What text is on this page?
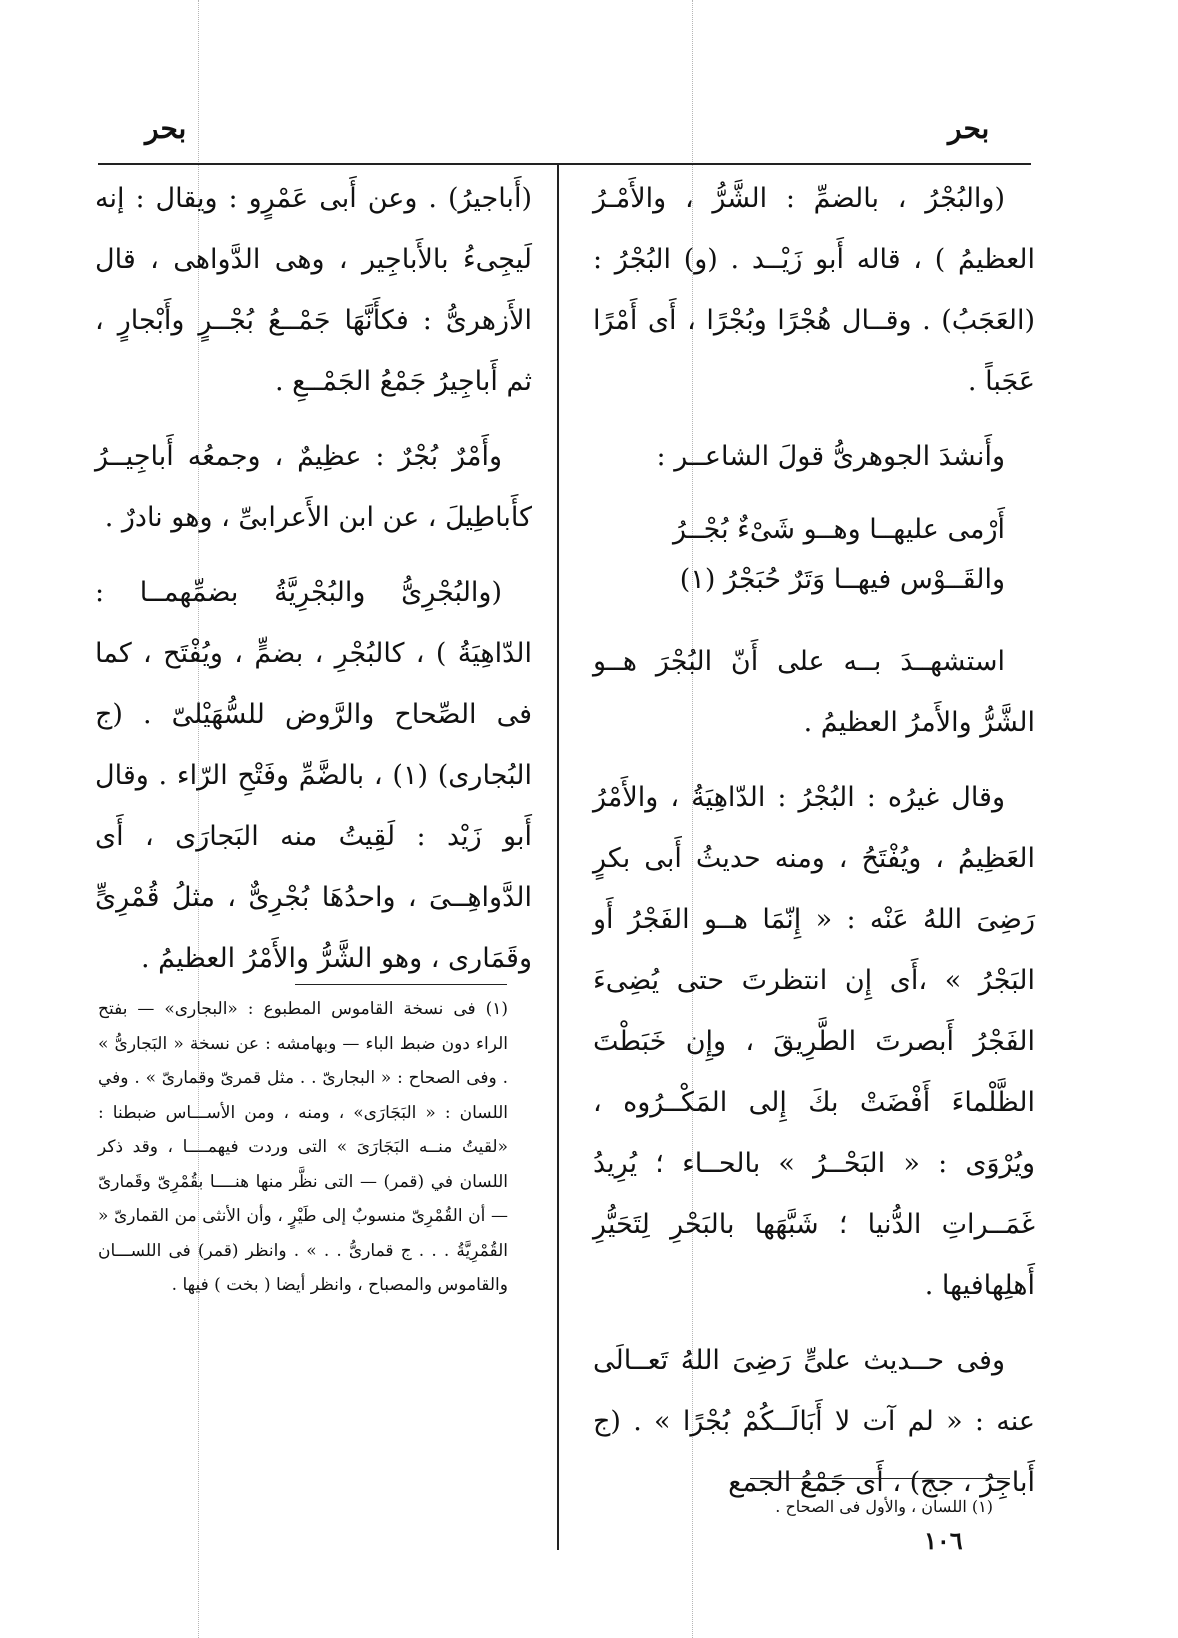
بحر	بحر

(والبُجْرُ ، بالضمِّ : الشَّرُّ ، والأَمْـرُ العظيمُ ) ، قاله أَبو زَيْــد . (و) البُجْرُ : (العَجَبُ) . وقــال هُجْرًا وبُجْرًا ، أَى أَمْرًا عَجَباً .

وأَنشدَ الجوهرىُّ قولَ الشاعــر :

أَرْمى عليهــا وهــو شَىْءٌ بُجْــرُ
والقَــوْس فيهــا وَتَرٌ حُبَجْرُ (١)

استشهــدَ بــه على أَنّ البُجْرَ هــو الشَّرُّ والأَمرُ العظيمُ .

وقال غيرُه : البُجْرُ : الدّاهِيَةُ ، والأَمْرُ العَظِيمُ ، ويُفْتَحُ ، ومنه حديثُ أَبى بكرٍ رَضِىَ اللهُ عَنْه : « إِنّمَا هــو الفَجْرُ أَو البَجْرُ » ،أَى إِن انتظرتَ حتى يُضِىءَ الفَجْرُ أَبصرتَ الطَّرِيقَ ، وإِن خَبَطْتَ الظَّلْماءَ أَفْضَتْ بكَ إِلى المَكْــرُوه ، ويُرْوَى : « البَحْــرُ » بالحــاء ؛ يُرِيدُ غَمَــراتِ الدُّنيا ؛ شَبَّهَها بالبَحْرِ لِتَحَيُّرِ أَهلِهافيها .

وفى حــديث علىٍّ رَضِىَ اللهُ تَعــالَى عنه : « لم آت لا أَبَالَــكُمْ بُجْرًا » . (ج أَباجِرُ ، جج) ، أَى جَمْعُ الجمع

(أَباجيرُ) . وعن أَبى عَمْرٍو : ويقال : إنه لَيجِىءُ بالأَباجِير ، وهى الدَّواهى ، قال الأَزهرىُّ : فكأَنَّهَا جَمْــعُ بُجْــرٍ وأَبْجارٍ ، ثم أَباجِيرُ جَمْعُ الجَمْــعِ .

وأَمْرٌ بُجْرٌ : عظِيمٌ ، وجمعُه أَباجِيــرُ كأَباطِيلَ ، عن ابن الأَعرابىِّ ، وهو نادرٌ .

(والبُجْرِىُّ والبُجْرِيَّةُ بضمِّهمــا : الدّاهِيَةُ ) ، كالبُجْرِ ، بضمٍّ ، ويُفْتَح ، كما فى الصِّحاح والرَّوض للسُّهَيْلىّ . (ج البُجارى) (١) ، بالضَّمِّ وفَتْحِ الرّاء . وقال أَبو زَيْد : لَقِيتُ منه البَجارَى ، أَى الدَّواهِــىَ ، واحدُهَا بُجْرِىٌّ ، مثلُ قُمْرِىٍّ وقَمَارى ، وهو الشَّرُّ والأَمْرُ العظيمُ .

(١) فى نسخة القاموس المطبوع : «البجارى» — بفتح الراء دون ضبط الباء — وبهامشه : عن نسخة « البَجارىُّ » . وفى الصحاح : « البجارىّ . . مثل قمرىّ وقمارىّ » . وفي اللسان : « البَجَارَى» ، ومنه ، ومن الأســـاس ضبطنا : «لقيتُ منــه البَجَارَىَ » التى وردت فيهمــــا ، وقد ذكر اللسان في (قمر) — التى نظَّر منها هنــــا بقُمْرِىّ وقَمارىّ — أن القُمْرِىّ منسوبٌ إلى طَيْرٍ ، وأن الأنثى من القمارىّ « القُمْرِيَّةُ . . . ج قمارىُّ . . » . وانظر (قمر) فى اللســـان والقاموس والمصباح ، وانظر أيضا ( بخت ) فيها .

(١) اللسان ، والأول فى الصحاح .

١٠٦
